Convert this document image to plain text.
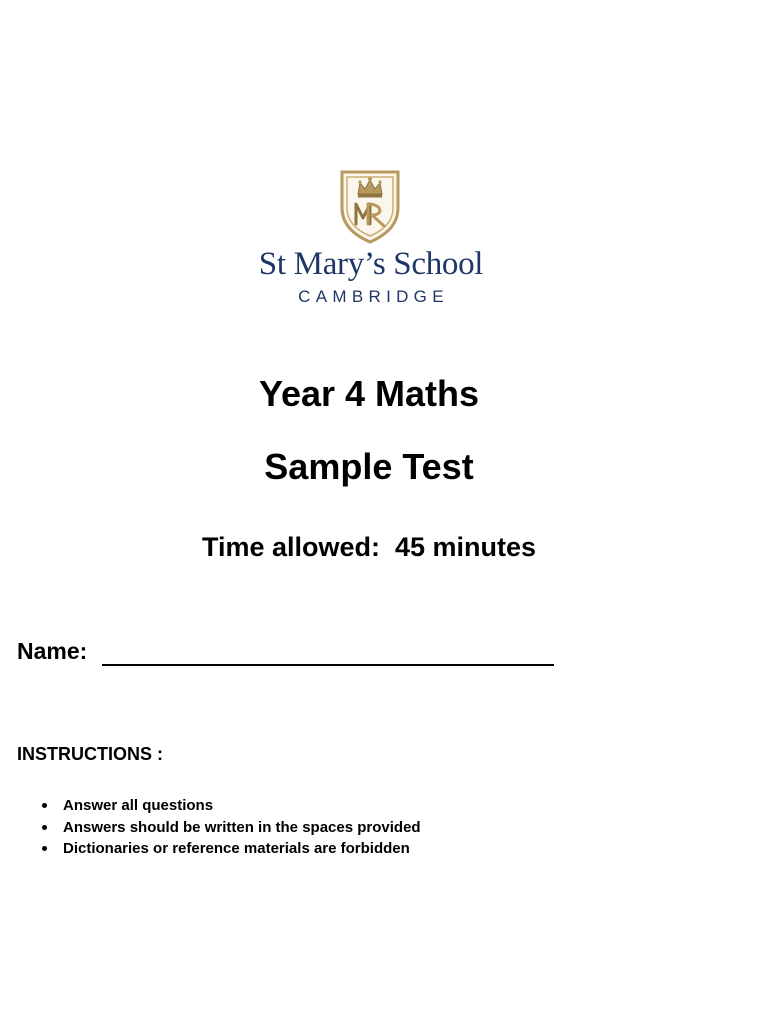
St Mary’s School
CAMBRIDGE
Year 4 Maths
Sample Test
Time allowed: 45 minutes
Name:
INSTRUCTIONS :
Answer all questions
Answers should be written in the spaces provided
Dictionaries or reference materials are forbidden
